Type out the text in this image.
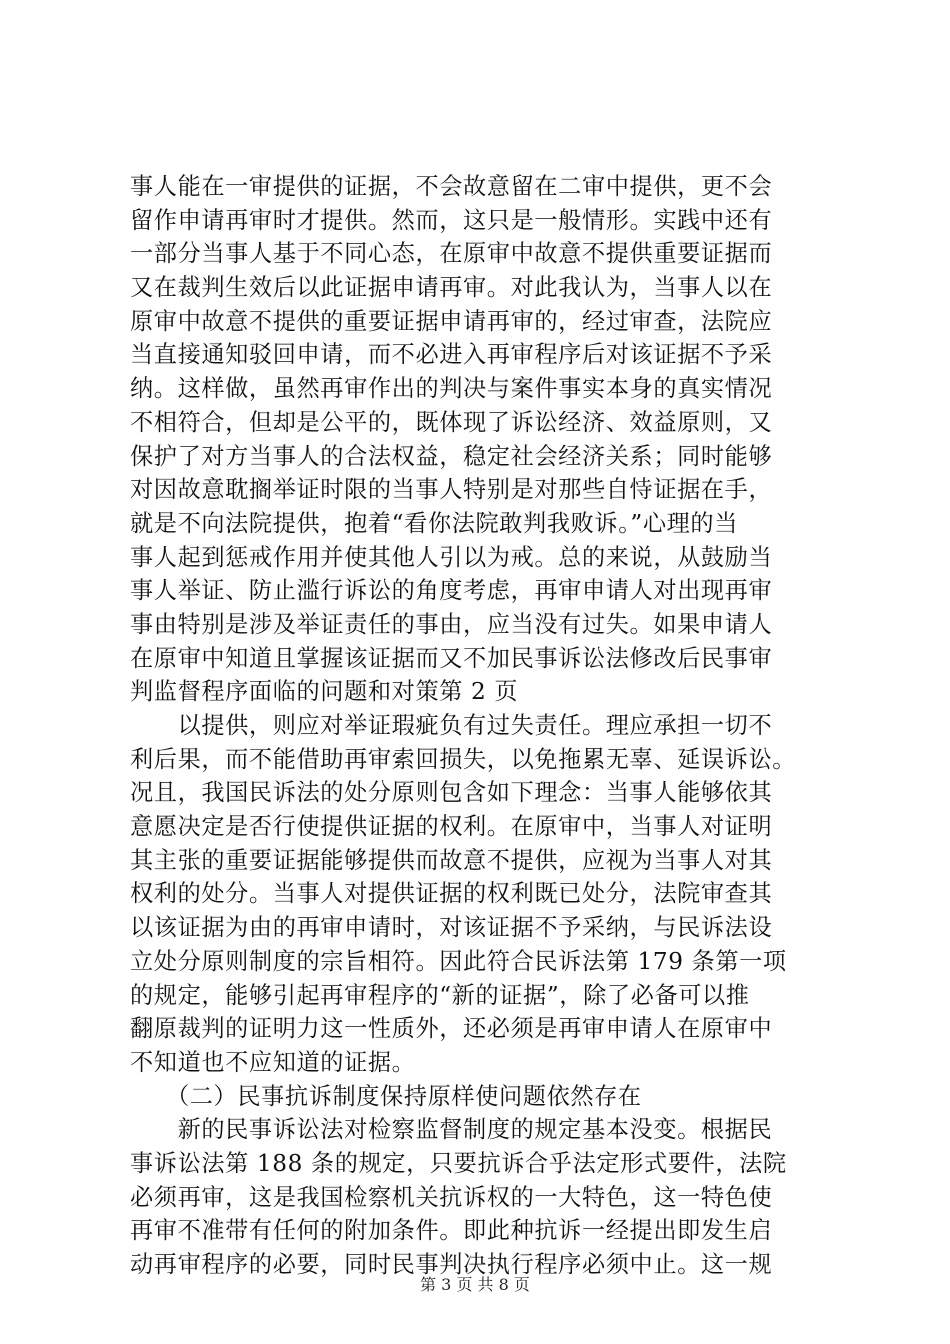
事人能在一审提供的证据，不会故意留在二审中提供，更不会
留作申请再审时才提供。然而，这只是一般情形。实践中还有
一部分当事人基于不同心态，在原审中故意不提供重要证据而
又在裁判生效后以此证据申请再审。对此我认为，当事人以在
原审中故意不提供的重要证据申请再审的，经过审查，法院应
当直接通知驳回申请，而不必进入再审程序后对该证据不予采
纳。这样做，虽然再审作出的判决与案件事实本身的真实情况
不相符合，但却是公平的，既体现了诉讼经济、效益原则，又
保护了对方当事人的合法权益，稳定社会经济关系；同时能够
对因故意耽搁举证时限的当事人特别是对那些自恃证据在手，
就是不向法院提供，抱着“看你法院敢判我败诉。”心理的当
事人起到惩戒作用并使其他人引以为戒。总的来说，从鼓励当
事人举证、防止滥行诉讼的角度考虑，再审申请人对出现再审
事由特别是涉及举证责任的事由，应当没有过失。如果申请人
在原审中知道且掌握该证据而又不加民事诉讼法修改后民事审
判监督程序面临的问题和对策第 2 页
　　以提供，则应对举证瑕疵负有过失责任。理应承担一切不
利后果，而不能借助再审索回损失，以免拖累无辜、延误诉讼。
况且，我国民诉法的处分原则包含如下理念：当事人能够依其
意愿决定是否行使提供证据的权利。在原审中，当事人对证明
其主张的重要证据能够提供而故意不提供，应视为当事人对其
权利的处分。当事人对提供证据的权利既已处分，法院审查其
以该证据为由的再审申请时，对该证据不予采纳，与民诉法设
立处分原则制度的宗旨相符。因此符合民诉法第 179 条第一项
的规定，能够引起再审程序的“新的证据”，除了必备可以推
翻原裁判的证明力这一性质外，还必须是再审申请人在原审中
不知道也不应知道的证据。
　　（二）民事抗诉制度保持原样使问题依然存在
　　新的民事诉讼法对检察监督制度的规定基本没变。根据民
事诉讼法第 188 条的规定，只要抗诉合乎法定形式要件，法院
必须再审，这是我国检察机关抗诉权的一大特色，这一特色使
再审不准带有任何的附加条件。即此种抗诉一经提出即发生启
动再审程序的必要，同时民事判决执行程序必须中止。这一规
第 3 页 共 8 页
